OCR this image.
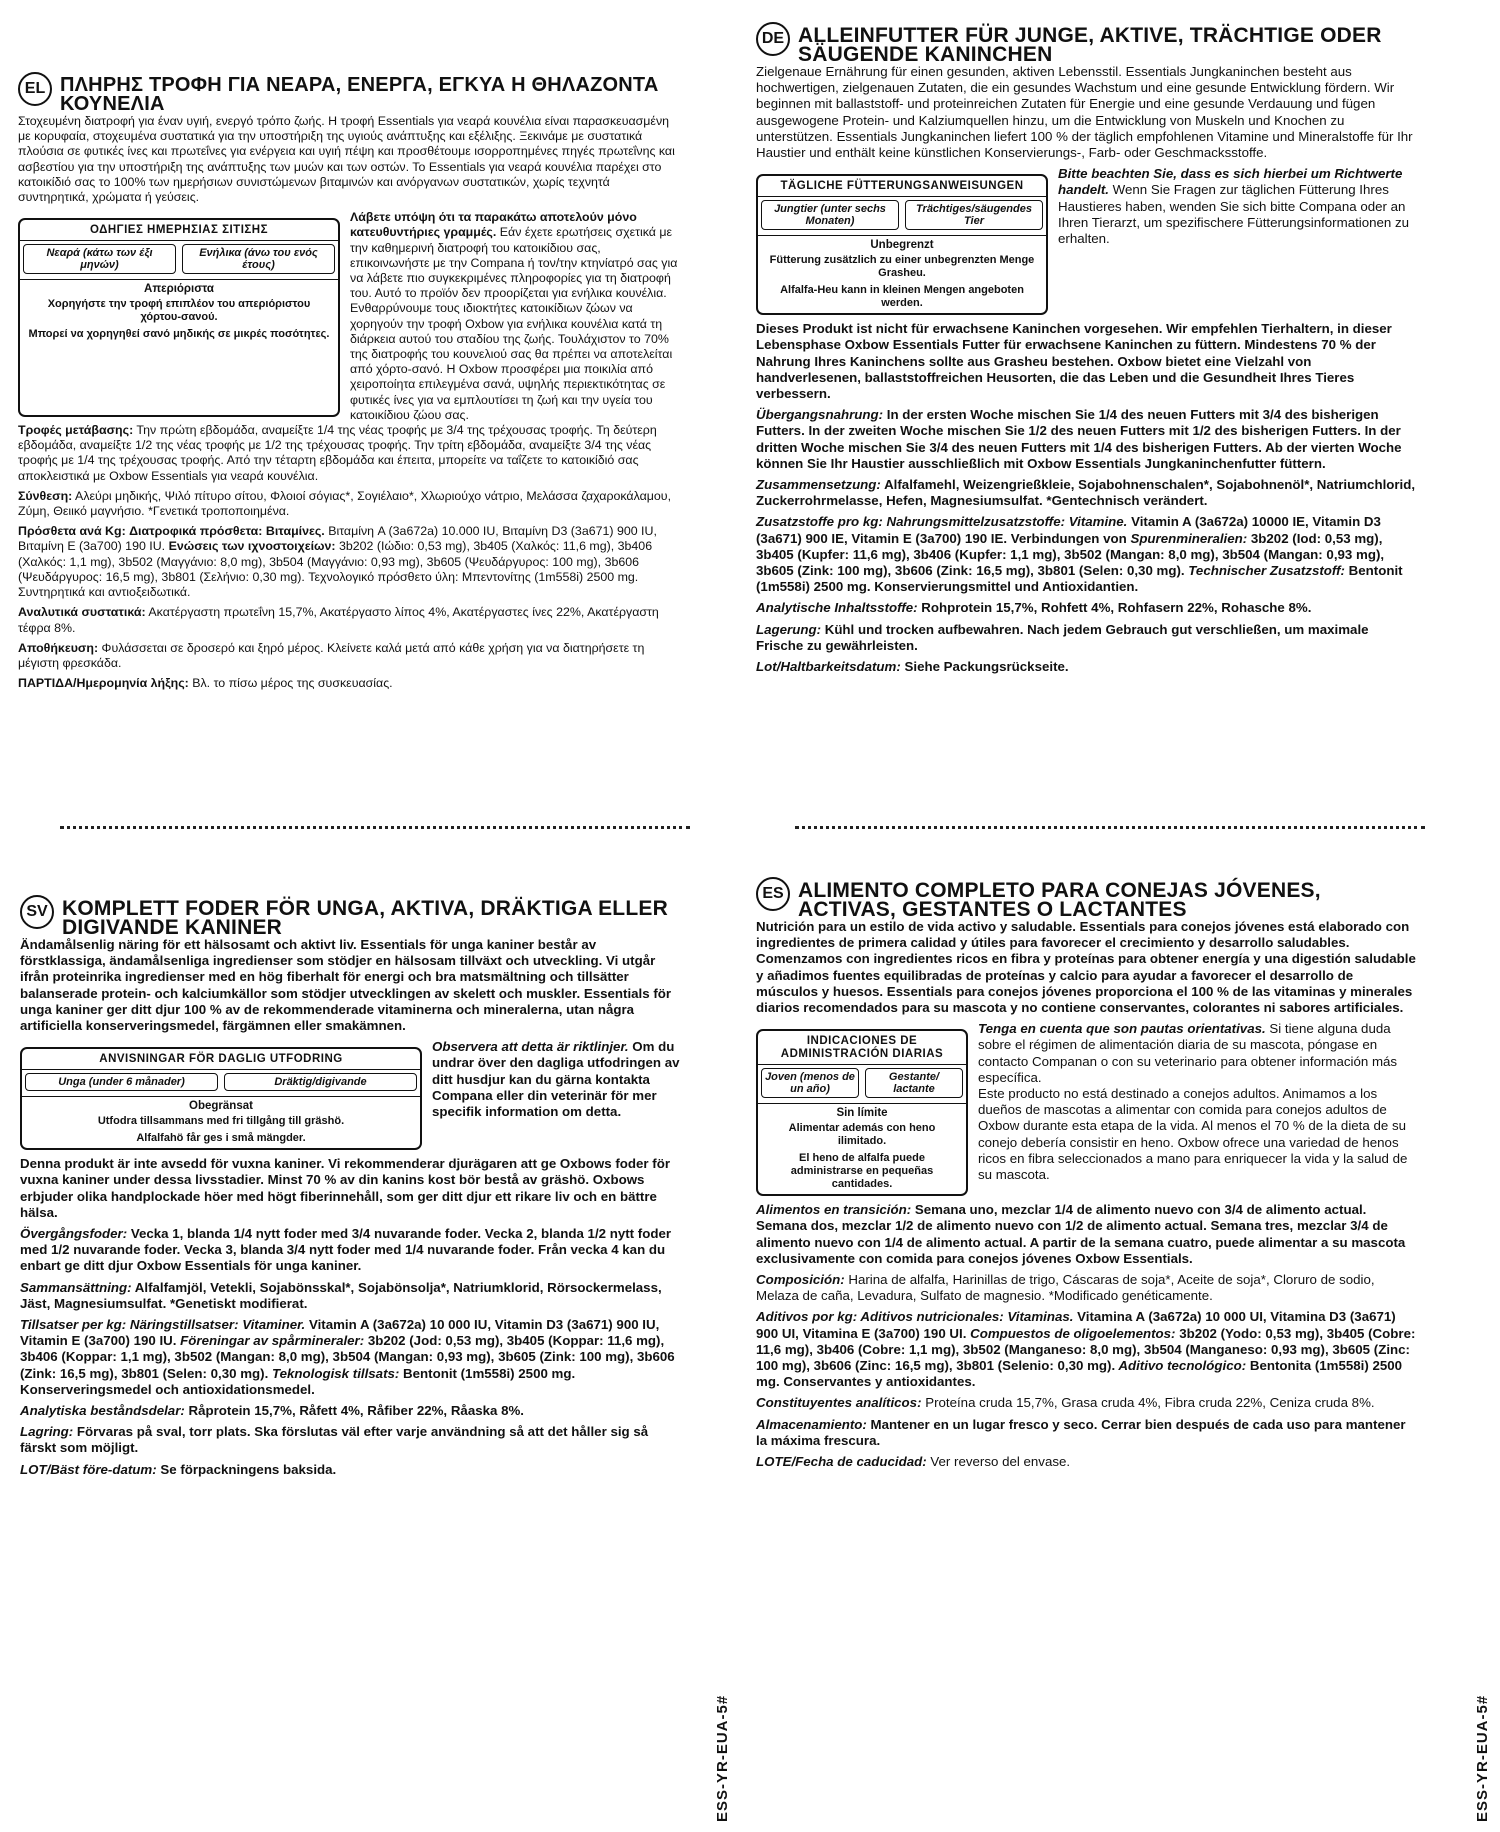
EL ΠΛΗΡΗΣ ΤΡΟΦΗ ΓΙΑ ΝΕΑΡΑ, ΕΝΕΡΓΑ, ΕΓΚΥΑ Η ΘΗΛΑΖΟΝΤΑ ΚΟΥΝΕΛΙΑ

Στοχευμένη διατροφή για έναν υγιή, ενεργό τρόπο ζωής. Η τροφή Essentials για νεαρά κουνέλια είναι παρασκευασμένη με κορυφαία, στοχευμένα συστατικά για την υποστήριξη της υγιούς ανάπτυξης και εξέλιξης. Ξεκινάμε με συστατικά πλούσια σε φυτικές ίνες και πρωτεΐνες για ενέργεια και υγιή πέψη και προσθέτουμε ισορροπημένες πηγές πρωτεΐνης και ασβεστίου για την υποστήριξη της ανάπτυξης των μυών και των οστών. Το Essentials για νεαρά κουνέλια παρέχει στο κατοικίδιό σας το 100% των ημερήσιων συνιστώμενων βιταμινών και ανόργανων συστατικών, χωρίς τεχνητά συντηρητικά, χρώματα ή γεύσεις.

ΟΔΗΓΙΕΣ ΗΜΕΡΗΣΙΑΣ ΣΙΤΙΣΗΣ
Νεαρά (κάτω των έξι μηνών)
Ενήλικα (άνω του ενός έτους)
Απεριόριστα
Χορηγήστε την τροφή επιπλέον του απεριόριστου χόρτου-σανού.
Μπορεί να χορηγηθεί σανό μηδικής σε μικρές ποσότητες.
Λάβετε υπόψη ότι τα παρακάτω αποτελούν μόνο κατευθυντήριες γραμμές. Εάν έχετε ερωτήσεις σχετικά με την καθημερινή διατροφή του κατοικίδιου σας, επικοινωνήστε με την Compana ή τον/την κτηνίατρό σας για να λάβετε πιο συγκεκριμένες πληροφορίες για τη διατροφή του. Αυτό το προϊόν δεν προορίζεται για ενήλικα κουνέλια. Ενθαρρύνουμε τους ιδιοκτήτες κατοικίδιων ζώων να χορηγούν την τροφή Oxbow για ενήλικα κουνέλια κατά τη διάρκεια αυτού του σταδίου της ζωής. Τουλάχιστον το 70% της διατροφής του κουνελιού σας θα πρέπει να αποτελείται από χόρτο-σανό. Η Oxbow προσφέρει μια ποικιλία από χειροποίητα επιλεγμένα σανά, υψηλής περιεκτικότητας σε φυτικές ίνες για να εμπλουτίσει τη ζωή και την υγεία του κατοικίδιου ζώου σας.

Τροφές μετάβασης: Την πρώτη εβδομάδα, αναμείξτε 1/4 της νέας τροφής με 3/4 της τρέχουσας τροφής. Τη δεύτερη εβδομάδα, αναμείξτε 1/2 της νέας τροφής με 1/2 της τρέχουσας τροφής. Την τρίτη εβδομάδα, αναμείξτε 3/4 της νέας τροφής με 1/4 της τρέχουσας τροφής. Από την τέταρτη εβδομάδα και έπειτα, μπορείτε να ταΐζετε το κατοικίδιό σας αποκλειστικά με Oxbow Essentials για νεαρά κουνέλια.

Σύνθεση: Αλεύρι μηδικής, Ψιλό πίτυρο σίτου, Φλοιοί σόγιας*, Σογιέλαιο*, Χλωριούχο νάτριο, Μελάσσα ζαχαροκάλαμου, Ζύμη, Θειικό μαγνήσιο. *Γενετικά τροποποιημένα.

Πρόσθετα ανά Kg: Διατροφικά πρόσθετα: Βιταμίνες. Βιταμίνη A (3a672a) 10.000 IU, Βιταμίνη D3 (3a671) 900 IU, Βιταμίνη E (3a700) 190 IU. Ενώσεις των ιχνοστοιχείων: 3b202 (Ιώδιο: 0,53 mg), 3b405 (Χαλκός: 11,6 mg), 3b406 (Χαλκός: 1,1 mg), 3b502 (Μαγγάνιο: 8,0 mg), 3b504 (Μαγγάνιο: 0,93 mg), 3b605 (Ψευδάργυρος: 100 mg), 3b606 (Ψευδάργυρος: 16,5 mg), 3b801 (Σελήνιο: 0,30 mg). Τεχνολογικό πρόσθετο ύλη: Μπεντονίτης (1m558i) 2500 mg. Συντηρητικά και αντιοξειδωτικά.

Αναλυτικά συστατικά: Ακατέργαστη πρωτεΐνη 15,7%, Ακατέργαστο λίπος 4%, Ακατέργαστες ίνες 22%, Ακατέργαστη τέφρα 8%.

Αποθήκευση: Φυλάσσεται σε δροσερό και ξηρό μέρος. Κλείνετε καλά μετά από κάθε χρήση για να διατηρήσετε τη μέγιστη φρεσκάδα.

ΠΑΡΤΙΔΑ/Ημερομηνία λήξης: Βλ. το πίσω μέρος της συσκευασίας.

DE ALLEINFUTTER FÜR JUNGE, AKTIVE, TRÄCHTIGE ODER SÄUGENDE KANINCHEN

Zielgenaue Ernährung für einen gesunden, aktiven Lebensstil. Essentials Jungkaninchen besteht aus hochwertigen, zielgenauen Zutaten, die ein gesundes Wachstum und eine gesunde Entwicklung fördern. Wir beginnen mit ballaststoff- und proteinreichen Zutaten für Energie und eine gesunde Verdauung und fügen ausgewogene Protein- und Kalziumquellen hinzu, um die Entwicklung von Muskeln und Knochen zu unterstützen. Essentials Jungkaninchen liefert 100 % der täglich empfohlenen Vitamine und Mineralstoffe für Ihr Haustier und enthält keine künstlichen Konservierungs-, Farb- oder Geschmacksstoffe.

TÄGLICHE FÜTTERUNGSANWEISUNGEN
Jungtier (unter sechs Monaten)
Trächtiges/säugendes Tier
Unbegrenzt
Fütterung zusätzlich zu einer unbegrenzten Menge Grasheu.
Alfalfa-Heu kann in kleinen Mengen angeboten werden.
Bitte beachten Sie, dass es sich hierbei um Richtwerte handelt. Wenn Sie Fragen zur täglichen Fütterung Ihres Haustieres haben, wenden Sie sich bitte Compana oder an Ihren Tierarzt, um spezifischere Fütterungsinformationen zu erhalten.

Dieses Produkt ist nicht für erwachsene Kaninchen vorgesehen. Wir empfehlen Tierhaltern, in dieser Lebensphase Oxbow Essentials Futter für erwachsene Kaninchen zu füttern. Mindestens 70 % der Nahrung Ihres Kaninchens sollte aus Grasheu bestehen. Oxbow bietet eine Vielzahl von handverlesenen, ballaststoffreichen Heusorten, die das Leben und die Gesundheit Ihres Tieres verbessern.

Übergangsnahrung: In der ersten Woche mischen Sie 1/4 des neuen Futters mit 3/4 des bisherigen Futters. In der zweiten Woche mischen Sie 1/2 des neuen Futters mit 1/2 des bisherigen Futters. In der dritten Woche mischen Sie 3/4 des neuen Futters mit 1/4 des bisherigen Futters. Ab der vierten Woche können Sie Ihr Haustier ausschließlich mit Oxbow Essentials Jungkaninchenfutter füttern.

Zusammensetzung: Alfalfamehl, Weizengrießkleie, Sojabohnenschalen*, Sojabohnenöl*, Natriumchlorid, Zuckerrohrmelasse, Hefen, Magnesiumsulfat. *Gentechnisch verändert.

Zusatzstoffe pro kg: Nahrungsmittelzusatzstoffe: Vitamine. Vitamin A (3a672a) 10000 IE, Vitamin D3 (3a671) 900 IE, Vitamin E (3a700) 190 IE. Verbindungen von Spurenmineralien: 3b202 (Iod: 0,53 mg), 3b405 (Kupfer: 11,6 mg), 3b406 (Kupfer: 1,1 mg), 3b502 (Mangan: 8,0 mg), 3b504 (Mangan: 0,93 mg), 3b605 (Zink: 100 mg), 3b606 (Zink: 16,5 mg), 3b801 (Selen: 0,30 mg). Technischer Zusatzstoff: Bentonit (1m558i) 2500 mg. Konservierungsmittel und Antioxidantien.

Analytische Inhaltsstoffe: Rohprotein 15,7%, Rohfett 4%, Rohfasern 22%, Rohasche 8%.

Lagerung: Kühl und trocken aufbewahren. Nach jedem Gebrauch gut verschließen, um maximale Frische zu gewährleisten.

Lot/Haltbarkeitsdatum: Siehe Packungsrückseite.

SV KOMPLETT FODER FÖR UNGA, AKTIVA, DRÄKTIGA ELLER DIGIVANDE KANINER

Ändamålsenlig näring för ett hälsosamt och aktivt liv. Essentials för unga kaniner består av förstklassiga, ändamålsenliga ingredienser som stödjer en hälsosam tillväxt och utveckling. Vi utgår ifrån proteinrika ingredienser med en hög fiberhalt för energi och bra matsmältning och tillsätter balanserade protein- och kalciumkällor som stödjer utvecklingen av skelett och muskler. Essentials för unga kaniner ger ditt djur 100 % av de rekommenderade vitaminerna och mineralerna, utan några artificiella konserveringsmedel, färgämnen eller smakämnen.

ANVISNINGAR FÖR DAGLIG UTFODRING
Unga (under 6 månader)	Dräktig/digivande
Obegränsat
Utfodra tillsammans med fri tillgång till gräshö.
Alfalfahö får ges i små mängder.
Observera att detta är riktlinjer. Om du undrar över den dagliga utfodringen av ditt husdjur kan du gärna kontakta Compana eller din veterinär för mer specifik information om detta.

Denna produkt är inte avsedd för vuxna kaniner. Vi rekommenderar djurägaren att ge Oxbows foder för vuxna kaniner under dessa livsstadier. Minst 70 % av din kanins kost bör bestå av gräshö. Oxbows erbjuder olika handplockade höer med högt fiberinnehåll, som ger ditt djur ett rikare liv och en bättre hälsa.

Övergångsfoder: Vecka 1, blanda 1/4 nytt foder med 3/4 nuvarande foder. Vecka 2, blanda 1/2 nytt foder med 1/2 nuvarande foder. Vecka 3, blanda 3/4 nytt foder med 1/4 nuvarande foder. Från vecka 4 kan du enbart ge ditt djur Oxbow Essentials för unga kaniner.

Sammansättning: Alfalfamjöl, Vetekli, Sojabönsskal*, Sojabönsolja*, Natriumklorid, Rörsockermelass, Jäst, Magnesiumsulfat. *Genetiskt modifierat.

Tillsatser per kg: Näringstillsatser: Vitaminer. Vitamin A (3a672a) 10 000 IU, Vitamin D3 (3a671) 900 IU, Vitamin E (3a700) 190 IU. Föreningar av spårmineraler: 3b202 (Jod: 0,53 mg), 3b405 (Koppar: 11,6 mg), 3b406 (Koppar: 1,1 mg), 3b502 (Mangan: 8,0 mg), 3b504 (Mangan: 0,93 mg), 3b605 (Zink: 100 mg), 3b606 (Zink: 16,5 mg), 3b801 (Selen: 0,30 mg). Teknologisk tillsats: Bentonit (1m558i) 2500 mg. Konserveringsmedel och antioxidationsmedel.

Analytiska beståndsdelar: Råprotein 15,7%, Råfett 4%, Råfiber 22%, Råaska 8%.

Lagring: Förvaras på sval, torr plats. Ska förslutas väl efter varje användning så att det håller sig så färskt som möjligt.

LOT/Bäst före-datum: Se förpackningens baksida.

ES ALIMENTO COMPLETO PARA CONEJAS JÓVENES, ACTIVAS, GESTANTES O LACTANTES

Nutrición para un estilo de vida activo y saludable. Essentials para conejos jóvenes está elaborado con ingredientes de primera calidad y útiles para favorecer el crecimiento y desarrollo saludables. Comenzamos con ingredientes ricos en fibra y proteínas para obtener energía y una digestión saludable y añadimos fuentes equilibradas de proteínas y calcio para ayudar a favorecer el desarrollo de músculos y huesos. Essentials para conejos jóvenes proporciona el 100 % de las vitaminas y minerales diarios recomendados para su mascota y no contiene conservantes, colorantes ni sabores artificiales.

INDICACIONES DE ADMINISTRACIÓN DIARIAS
Joven (menos de un año)
Gestante/ lactante
Sin límite
Alimentar además con heno ilimitado.
El heno de alfalfa puede administrarse en pequeñas cantidades.
Tenga en cuenta que son pautas orientativas. Si tiene alguna duda sobre el régimen de alimentación diaria de su mascota, póngase en contacto Companan o con su veterinario para obtener información más específica.
Este producto no está destinado a conejos adultos. Animamos a los dueños de mascotas a alimentar con comida para conejos adultos de Oxbow durante esta etapa de la vida. Al menos el 70 % de la dieta de su conejo debería consistir en heno. Oxbow ofrece una variedad de henos ricos en fibra seleccionados a mano para enriquecer la vida y la salud de su mascota.

Alimentos en transición: Semana uno, mezclar 1/4 de alimento nuevo con 3/4 de alimento actual. Semana dos, mezclar 1/2 de alimento nuevo con 1/2 de alimento actual. Semana tres, mezclar 3/4 de alimento nuevo con 1/4 de alimento actual. A partir de la semana cuatro, puede alimentar a su mascota exclusivamente con comida para conejos jóvenes Oxbow Essentials.

Composición: Harina de alfalfa, Harinillas de trigo, Cáscaras de soja*, Aceite de soja*, Cloruro de sodio, Melaza de caña, Levadura, Sulfato de magnesio. *Modificado genéticamente.

Aditivos por kg: Aditivos nutricionales: Vitaminas. Vitamina A (3a672a) 10 000 UI, Vitamina D3 (3a671) 900 UI, Vitamina E (3a700) 190 UI. Compuestos de oligoelementos: 3b202 (Yodo: 0,53 mg), 3b405 (Cobre: 11,6 mg), 3b406 (Cobre: 1,1 mg), 3b502 (Manganeso: 8,0 mg), 3b504 (Manganeso: 0,93 mg), 3b605 (Zinc: 100 mg), 3b606 (Zinc: 16,5 mg), 3b801 (Selenio: 0,30 mg). Aditivo tecnológico: Bentonita (1m558i) 2500 mg. Conservantes y antioxidantes.

Constituyentes analíticos: Proteína cruda 15,7%, Grasa cruda 4%, Fibra cruda 22%, Ceniza cruda 8%.

Almacenamiento: Mantener en un lugar fresco y seco. Cerrar bien después de cada uso para mantener la máxima frescura.

LOTE/Fecha de caducidad: Ver reverso del envase.

ESS-YR-EUA-5#	ESS-YR-EUA-5#
